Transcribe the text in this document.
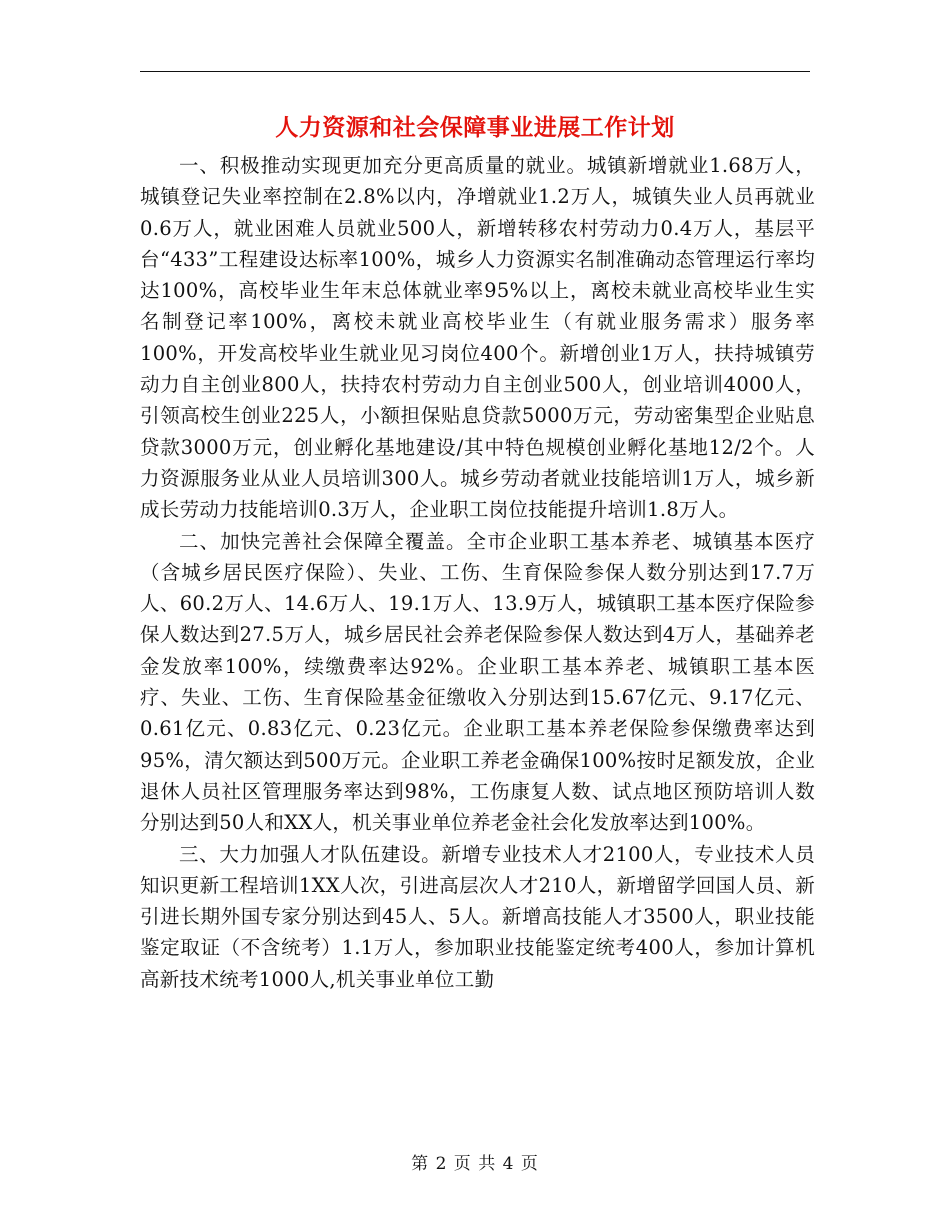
人力资源和社会保障事业进展工作计划

一、积极推动实现更加充分更高质量的就业。城镇新增就业1.68万人，城镇登记失业率控制在2.8%以内，净增就业1.2万人，城镇失业人员再就业0.6万人，就业困难人员就业500人，新增转移农村劳动力0.4万人，基层平台“433”工程建设达标率100%，城乡人力资源实名制准确动态管理运行率均达100%，高校毕业生年末总体就业率95%以上，离校未就业高校毕业生实名制登记率100%，离校未就业高校毕业生（有就业服务需求）服务率100%，开发高校毕业生就业见习岗位400个。新增创业1万人，扶持城镇劳动力自主创业800人，扶持农村劳动力自主创业500人，创业培训4000人，引领高校生创业225人，小额担保贴息贷款5000万元，劳动密集型企业贴息贷款3000万元，创业孵化基地建设/其中特色规模创业孵化基地12/2个。人力资源服务业从业人员培训300人。城乡劳动者就业技能培训1万人，城乡新成长劳动力技能培训0.3万人，企业职工岗位技能提升培训1.8万人。

二、加快完善社会保障全覆盖。全市企业职工基本养老、城镇基本医疗（含城乡居民医疗保险）、失业、工伤、生育保险参保人数分别达到17.7万人、60.2万人、14.6万人、19.1万人、13.9万人，城镇职工基本医疗保险参保人数达到27.5万人，城乡居民社会养老保险参保人数达到4万人，基础养老金发放率100%，续缴费率达92%。企业职工基本养老、城镇职工基本医疗、失业、工伤、生育保险基金征缴收入分别达到15.67亿元、9.17亿元、0.61亿元、0.83亿元、0.23亿元。企业职工基本养老保险参保缴费率达到95%，清欠额达到500万元。企业职工养老金确保100%按时足额发放，企业退休人员社区管理服务率达到98%，工伤康复人数、试点地区预防培训人数分别达到50人和XX人，机关事业单位养老金社会化发放率达到100%。

三、大力加强人才队伍建设。新增专业技术人才2100人，专业技术人员知识更新工程培训1XX人次，引进高层次人才210人，新增留学回国人员、新引进长期外国专家分别达到45人、5人。新增高技能人才3500人，职业技能鉴定取证（不含统考）1.1万人，参加职业技能鉴定统考400人，参加计算机高新技术统考1000人,机关事业单位工勤

第 2 页 共 4 页
